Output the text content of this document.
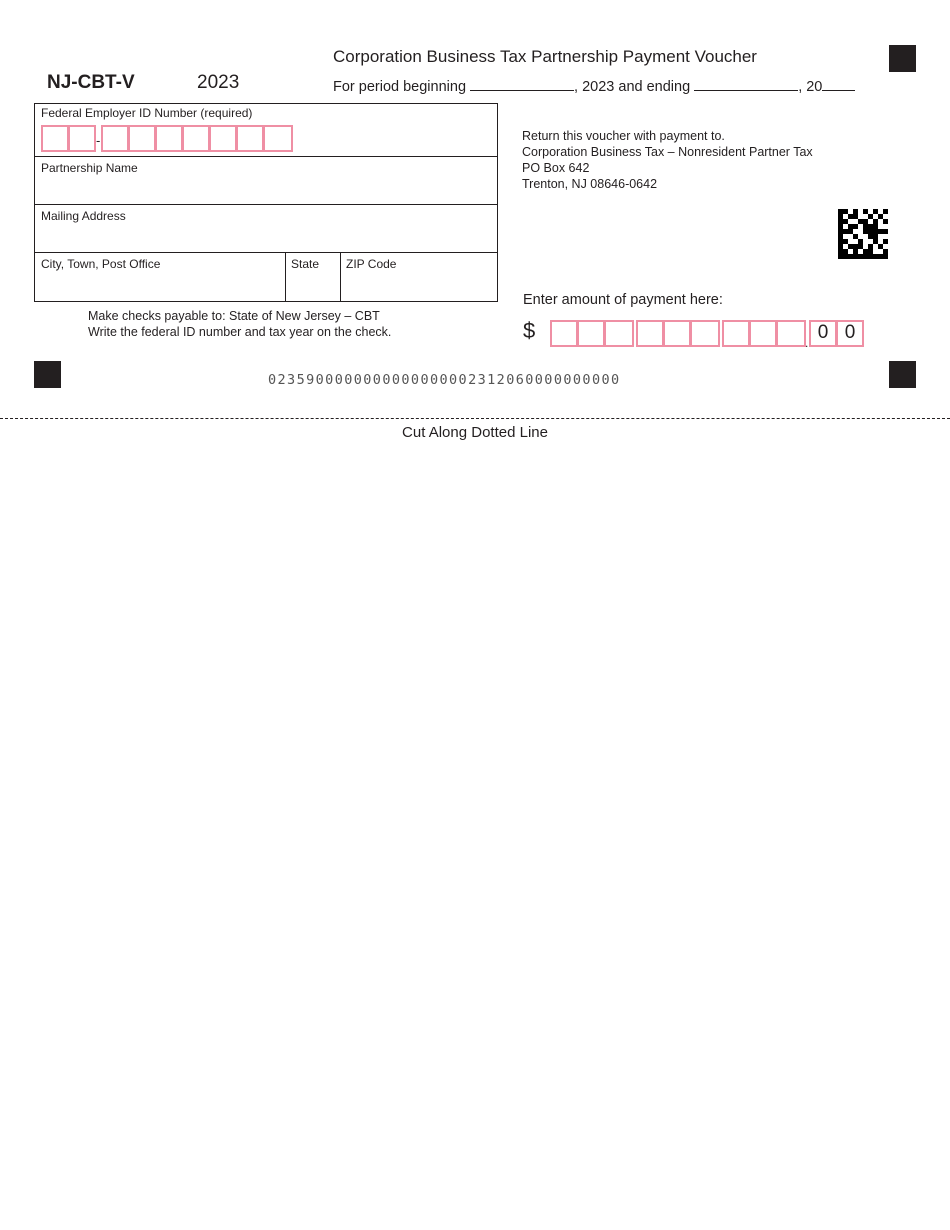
NJ-CBT-V	2023
Corporation Business Tax Partnership Payment Voucher
For period beginning	, 2023 and ending	, 20
Federal Employer ID Number (required)
Partnership Name
Mailing Address
City, Town, Post Office	State ZIP Code
-
Make checks payable to: State of New Jersey – CBT
Write the federal ID number and tax year on the check.
Return this voucher with payment to.
Corporation Business Tax – Nonresident Partner Tax
PO Box 642
Trenton, NJ 08646-0642
Enter amount of payment here:
$	. 0 0
0235900000000000000002312060000000000
Cut Along Dotted Line
